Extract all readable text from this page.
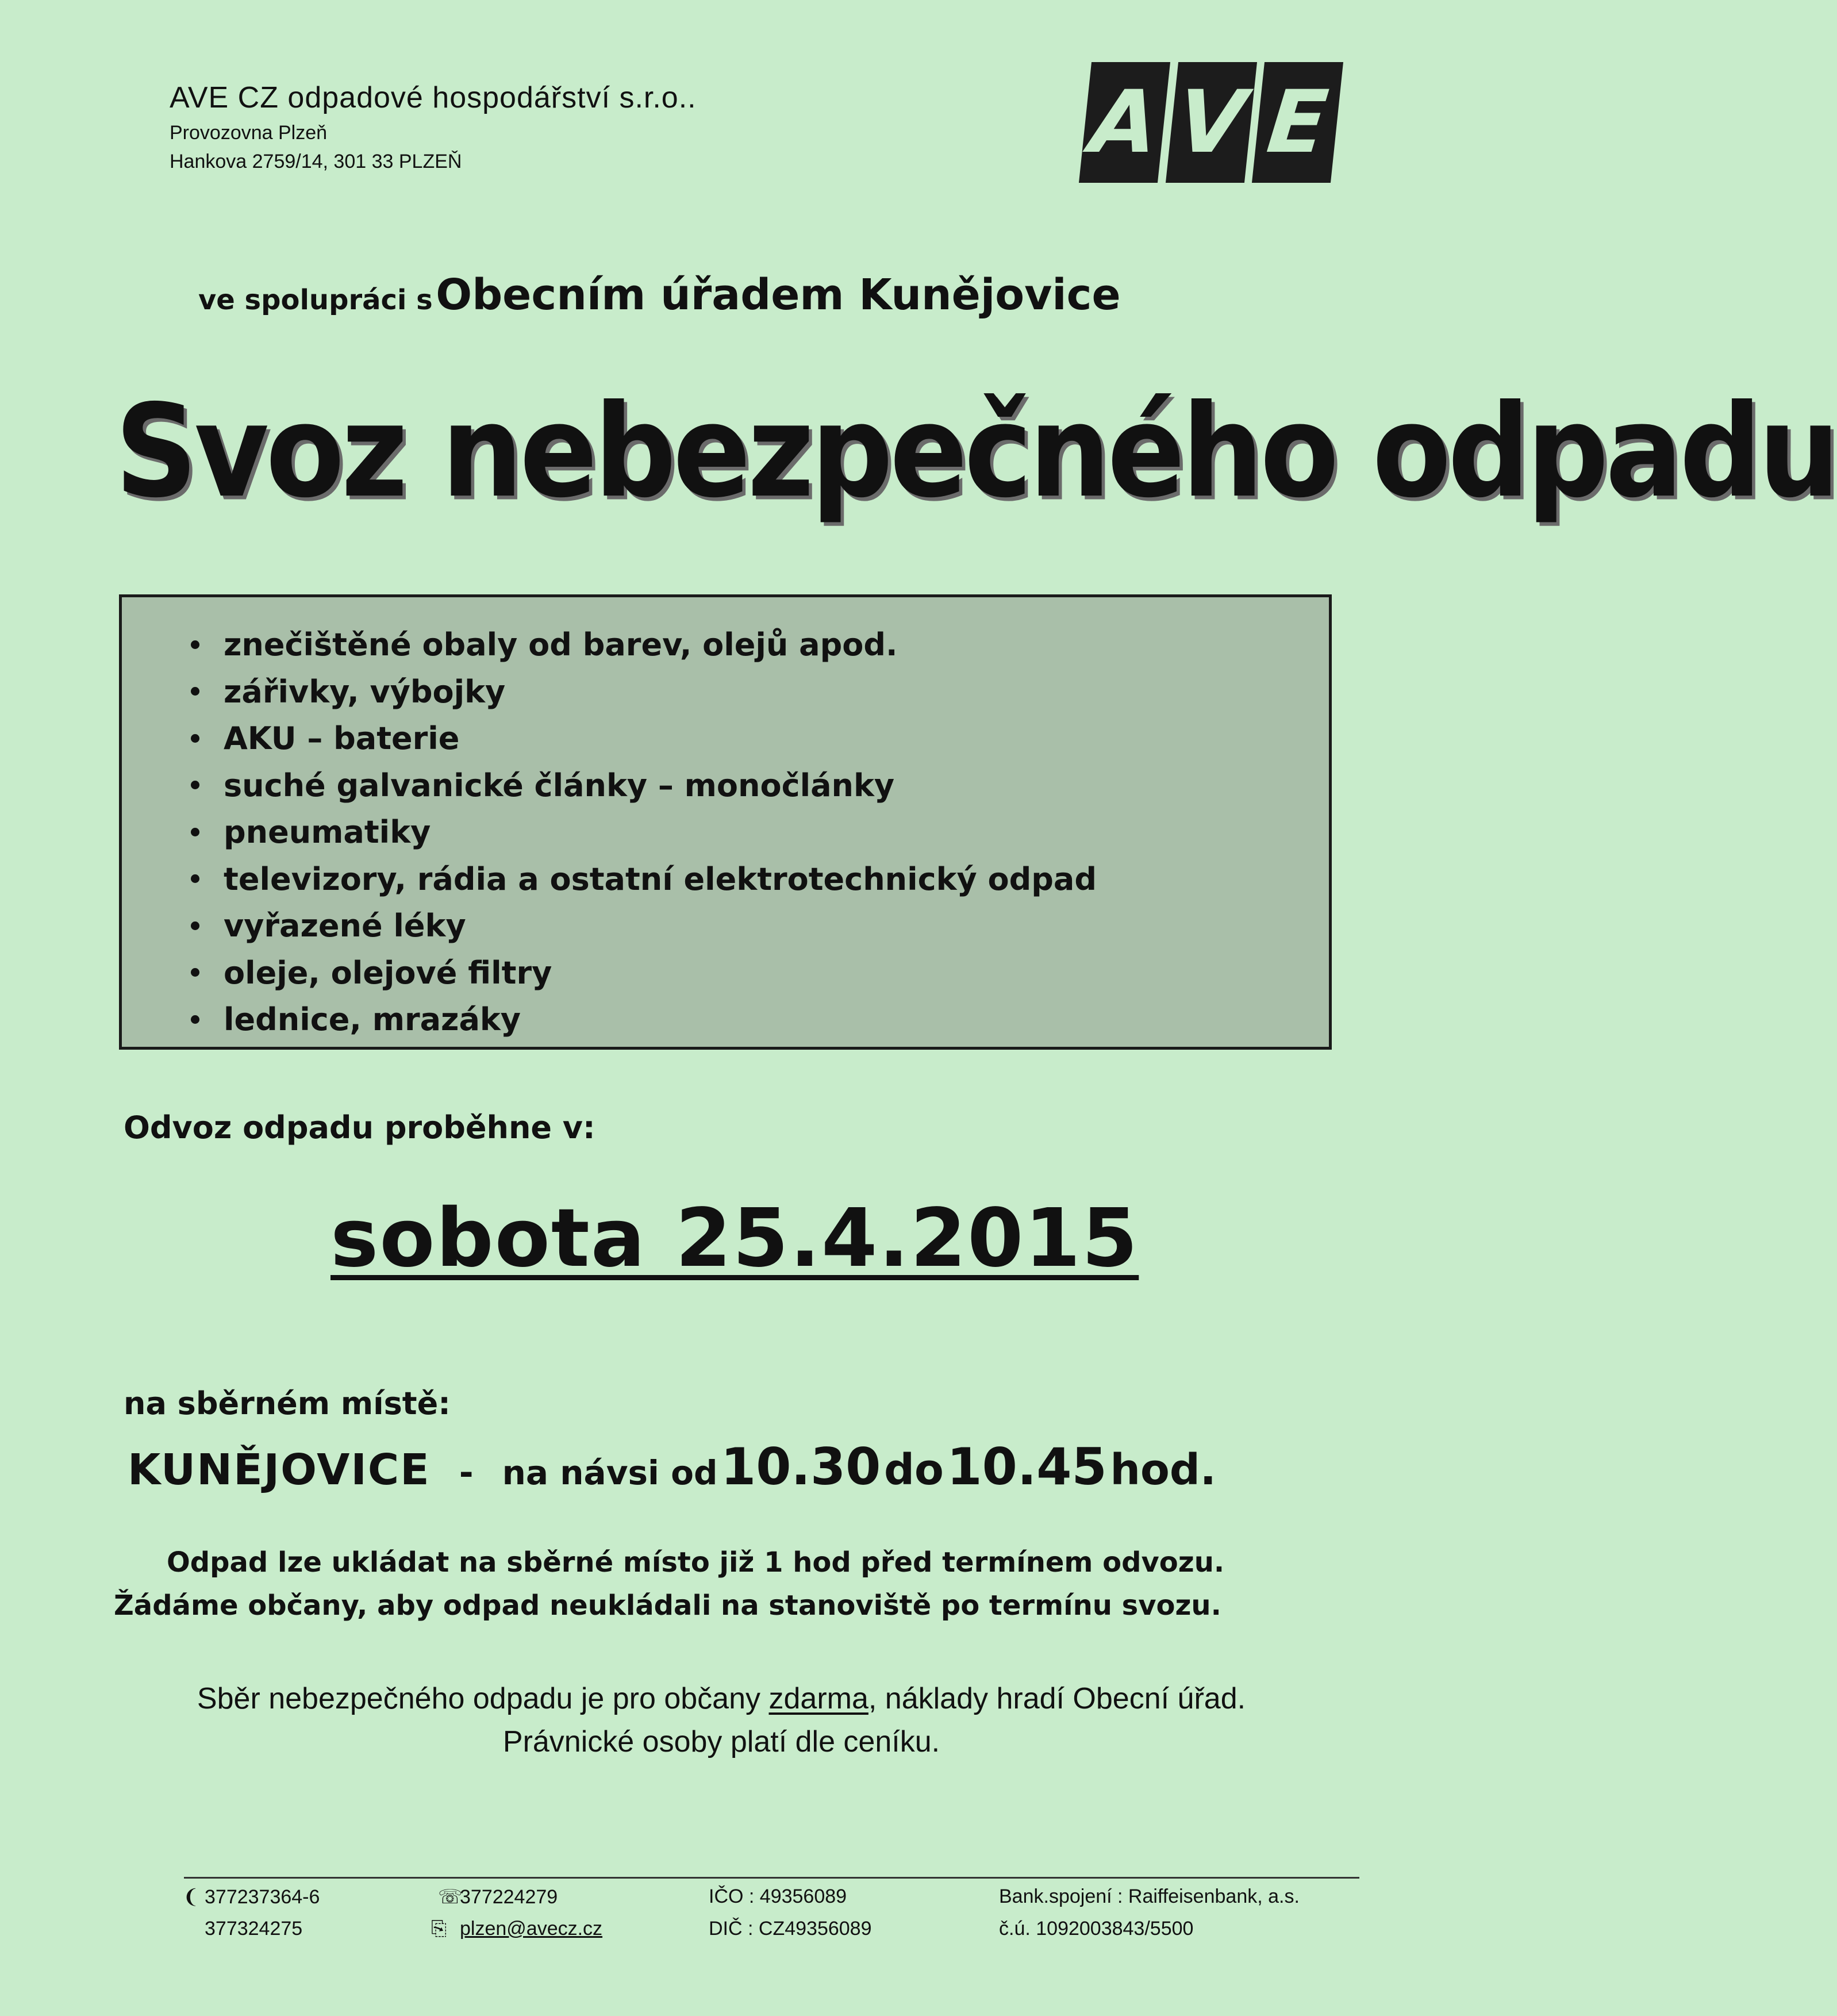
AVE CZ odpadové hospodářství s.r.o..
Provozovna Plzeň
Hankova 2759/14, 301 33 PLZEŇ	A V E
ve spolupráci s Obecním úřadem Kunějovice
Svoz nebezpečného odpadu
znečištěné obaly od barev, olejů apod.
zářivky, výbojky
AKU – baterie
suché galvanické články – monočlánky
pneumatiky
televizory, rádia a ostatní elektrotechnický odpad
vyřazené léky
oleje, olejové filtry
lednice, mrazáky
Odvoz odpadu proběhne v:
sobota 25.4.2015
na sběrném místě:
KUNĚJOVICE - na návsi od 10.30 do 10.45 hod.
Odpad lze ukládat na sběrné místo již 1 hod před termínem odvozu.
Žádáme občany, aby odpad neukládali na stanoviště po termínu svozu.
Sběr nebezpečného odpadu je pro občany zdarma, náklady hradí Obecní úřad.
Právnické osoby platí dle ceníku.
❨ 377237364-6
377324275
☏377224279
⎘ plzen@avecz.cz
IČO : 49356089
DIČ : CZ49356089
Bank.spojení : Raiffeisenbank, a.s.
č.ú. 1092003843/5500
